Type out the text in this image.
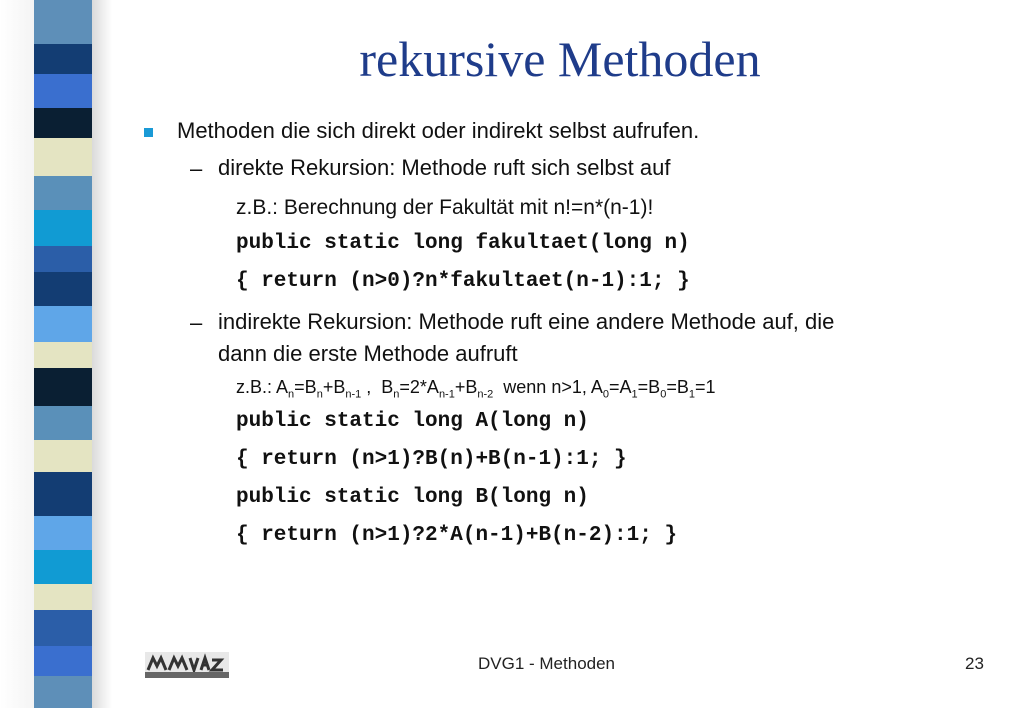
rekursive Methoden
Methoden die sich direkt oder indirekt selbst aufrufen.
– direkte Rekursion: Methode ruft sich selbst auf
z.B.: Berechnung der Fakultät mit n!=n*(n-1)!
public static long fakultaet(long n)
{ return (n>0)?n*fakultaet(n-1):1; }
– indirekte Rekursion: Methode ruft eine andere Methode auf, die
dann die erste Methode aufruft
z.B.: $A_n=B_n+B_{n-1}$ ,  $B_n=2*A_{n-1}+B_{n-2}$  wenn n>1, $A_0=A_1=B_0=B_1=1$
public static long A(long n)
{ return (n>1)?B(n)+B(n-1):1; }
public static long B(long n)
{ return (n>1)?2*A(n-1)+B(n-2):1; }
DVG1 - Methoden	23
